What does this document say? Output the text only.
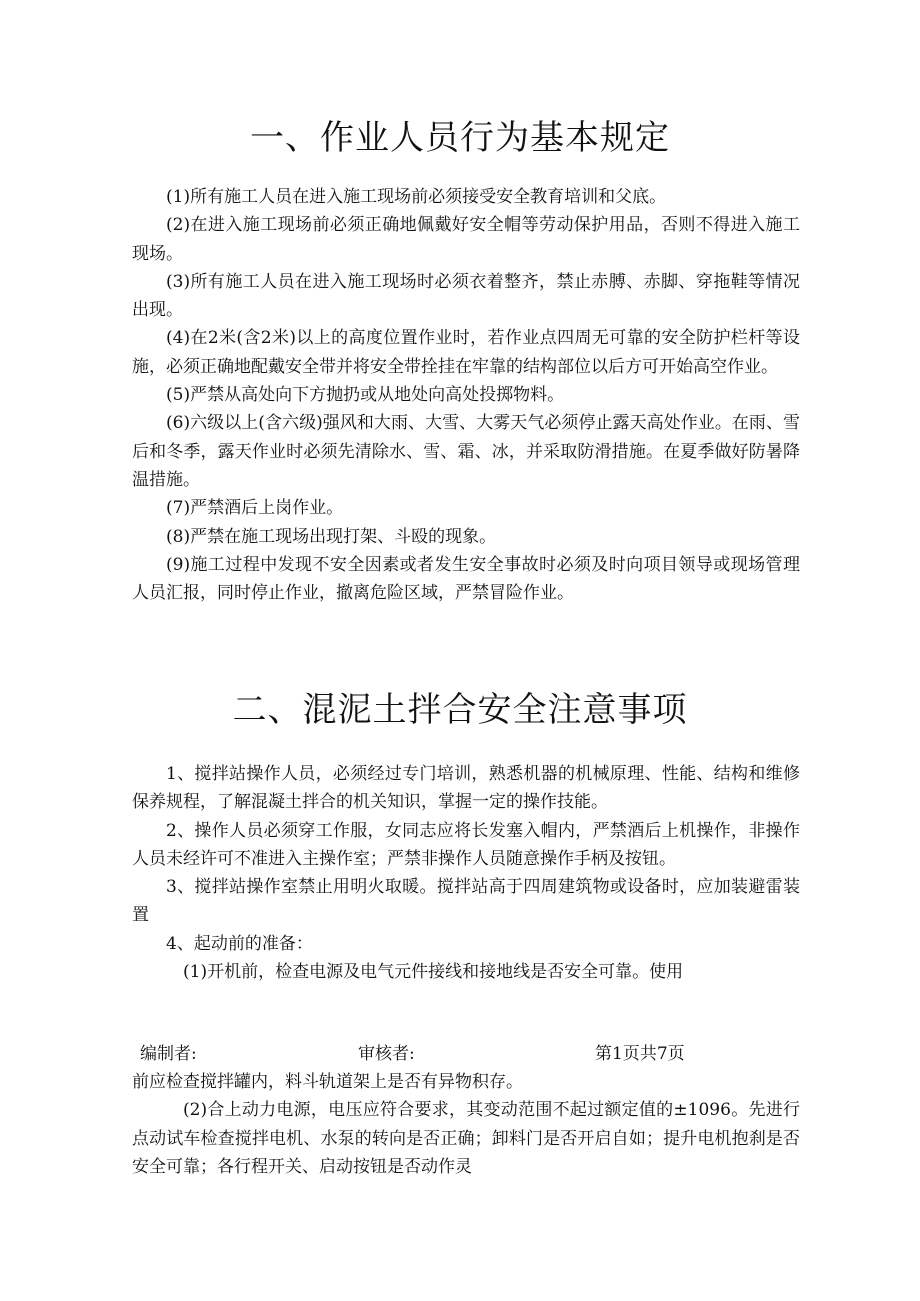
一、作业人员行为基本规定

(1)所有施工人员在进入施工现场前必须接受安全教育培训和父底。

(2)在进入施工现场前必须正确地佩戴好安全帽等劳动保护用品，否则不得进入施工现场。

(3)所有施工人员在进入施工现场时必须衣着整齐，禁止赤膊、赤脚、穿拖鞋等情况出现。

(4)在2米(含2米)以上的高度位置作业时，若作业点四周无可靠的安全防护栏杆等设施，必须正确地配戴安全带并将安全带拴挂在牢靠的结构部位以后方可开始高空作业。

(5)严禁从高处向下方抛扔或从地处向高处投掷物料。

(6)六级以上(含六级)强风和大雨、大雪、大雾天气必须停止露天高处作业。在雨、雪后和冬季，露天作业时必须先清除水、雪、霜、冰，并采取防滑措施。在夏季做好防暑降温措施。

(7)严禁酒后上岗作业。

(8)严禁在施工现场出现打架、斗殴的现象。

(9)施工过程中发现不安全因素或者发生安全事故时必须及时向项目领导或现场管理人员汇报，同时停止作业，撤离危险区域，严禁冒险作业。

二、混泥土拌合安全注意事项

1、搅拌站操作人员，必须经过专门培训，熟悉机器的机械原理、性能、结构和维修保养规程，了解混凝土拌合的机关知识，掌握一定的操作技能。

2、操作人员必须穿工作服，女同志应将长发塞入帽内，严禁酒后上机操作，非操作人员未经许可不准进入主操作室；严禁非操作人员随意操作手柄及按钮。

3、搅拌站操作室禁止用明火取暖。搅拌站高于四周建筑物或设备时，应加装避雷装置

4、起动前的准备：

(1)开机前，检查电源及电气元件接线和接地线是否安全可靠。使用

编制者:	审核者:	第1页共7页

前应检查搅拌罐内，料斗轨道架上是否有异物积存。

(2)合上动力电源，电压应符合要求，其变动范围不起过额定值的±1096。先进行点动试车检查搅拌电机、水泵的转向是否正确；卸料门是否开启自如；提升电机抱刹是否安全可靠；各行程开关、启动按钮是否动作灵
